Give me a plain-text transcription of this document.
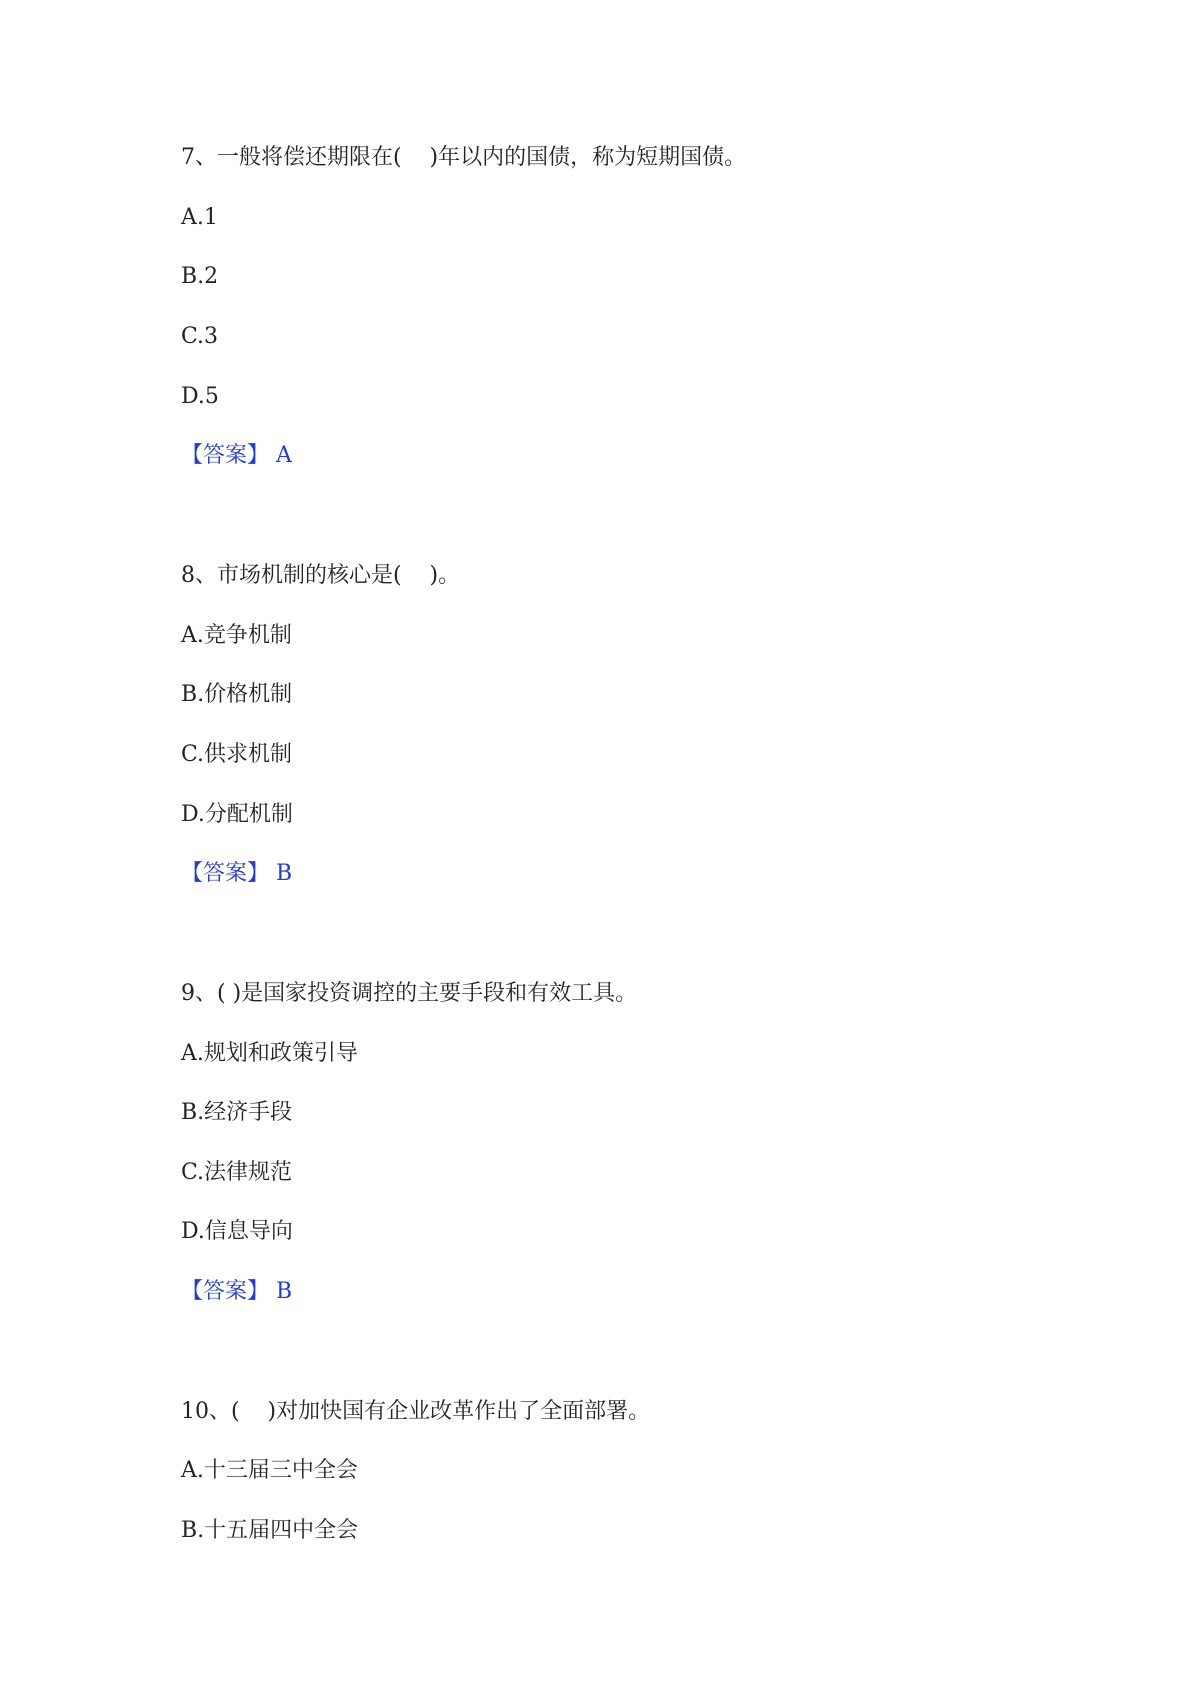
7、一般将偿还期限在(    )年以内的国债，称为短期国债。
A.1
B.2
C.3
D.5
【答案】 A
8、市场机制的核心是(    )。
A.竞争机制
B.价格机制
C.供求机制
D.分配机制
【答案】 B
9、( )是国家投资调控的主要手段和有效工具。
A.规划和政策引导
B.经济手段
C.法律规范
D.信息导向
【答案】 B
10、(    )对加快国有企业改革作出了全面部署。
A.十三届三中全会
B.十五届四中全会
